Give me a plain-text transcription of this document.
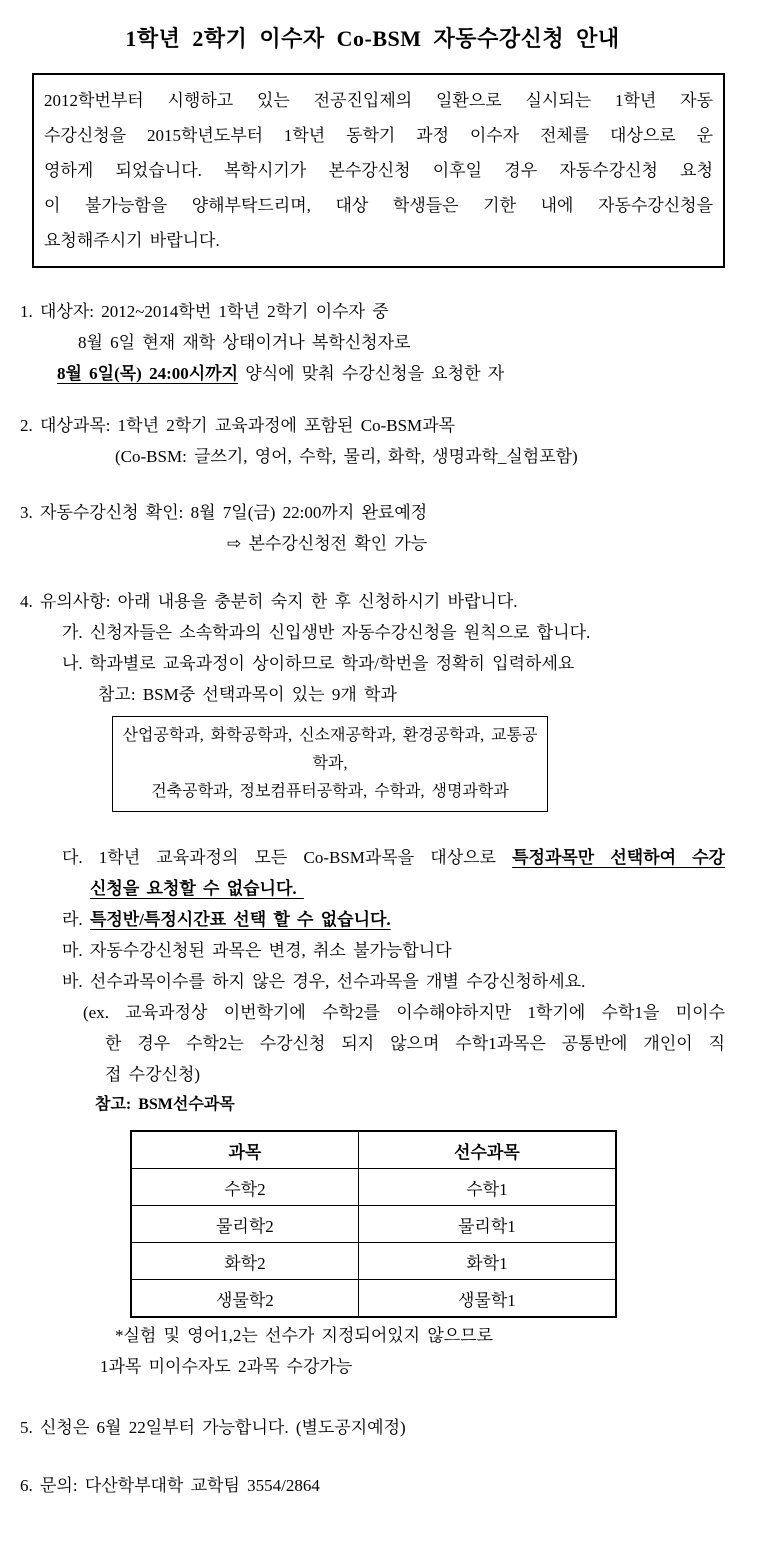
1학년 2학기 이수자 Co-BSM 자동수강신청 안내
2012학번부터 시행하고 있는 전공진입제의 일환으로 실시되는 1학년 자동
수강신청을 2015학년도부터 1학년 동학기 과정 이수자 전체를 대상으로 운
영하게 되었습니다. 복학시기가 본수강신청 이후일 경우 자동수강신청 요청
이 불가능함을 양해부탁드리며, 대상 학생들은 기한 내에 자동수강신청을
요청해주시기 바랍니다.
1. 대상자: 2012~2014학번 1학년 2학기 이수자 중
8월 6일 현재 재학 상태이거나 복학신청자로
8월 6일(목) 24:00시까지 양식에 맞춰 수강신청을 요청한 자
2. 대상과목: 1학년 2학기 교육과정에 포함된 Co-BSM과목
(Co-BSM: 글쓰기, 영어, 수학, 물리, 화학, 생명과학_실험포함)
3. 자동수강신청 확인: 8월 7일(금) 22:00까지 완료예정
⇨ 본수강신청전 확인 가능
4. 유의사항: 아래 내용을 충분히 숙지 한 후 신청하시기 바랍니다.
가. 신청자들은 소속학과의 신입생반 자동수강신청을 원칙으로 합니다.
나. 학과별로 교육과정이 상이하므로 학과/학번을 정확히 입력하세요
참고: BSM중 선택과목이 있는 9개 학과
산업공학과, 화학공학과, 신소재공학과, 환경공학과, 교통공학과,
건축공학과, 정보컴퓨터공학과, 수학과, 생명과학과
다. 1학년 교육과정의 모든 Co-BSM과목을 대상으로 특정과목만 선택하여 수강
신청을 요청할 수 없습니다.
라. 특정반/특정시간표 선택 할 수 없습니다.
마. 자동수강신청된 과목은 변경, 취소 불가능합니다
바. 선수과목이수를 하지 않은 경우, 선수과목을 개별 수강신청하세요.
(ex. 교육과정상 이번학기에 수학2를 이수해야하지만 1학기에 수학1을 미이수
한 경우 수학2는 수강신청 되지 않으며 수학1과목은 공통반에 개인이 직
접 수강신청)
참고: BSM선수과목
과목	선수과목
수학2	수학1
물리학2	물리학1
화학2	화학1
생물학2	생물학1
*실험 및 영어1,2는 선수가 지정되어있지 않으므로
1과목 미이수자도 2과목 수강가능
5. 신청은 6월 22일부터 가능합니다. (별도공지예정)
6. 문의: 다산학부대학 교학팀 3554/2864
